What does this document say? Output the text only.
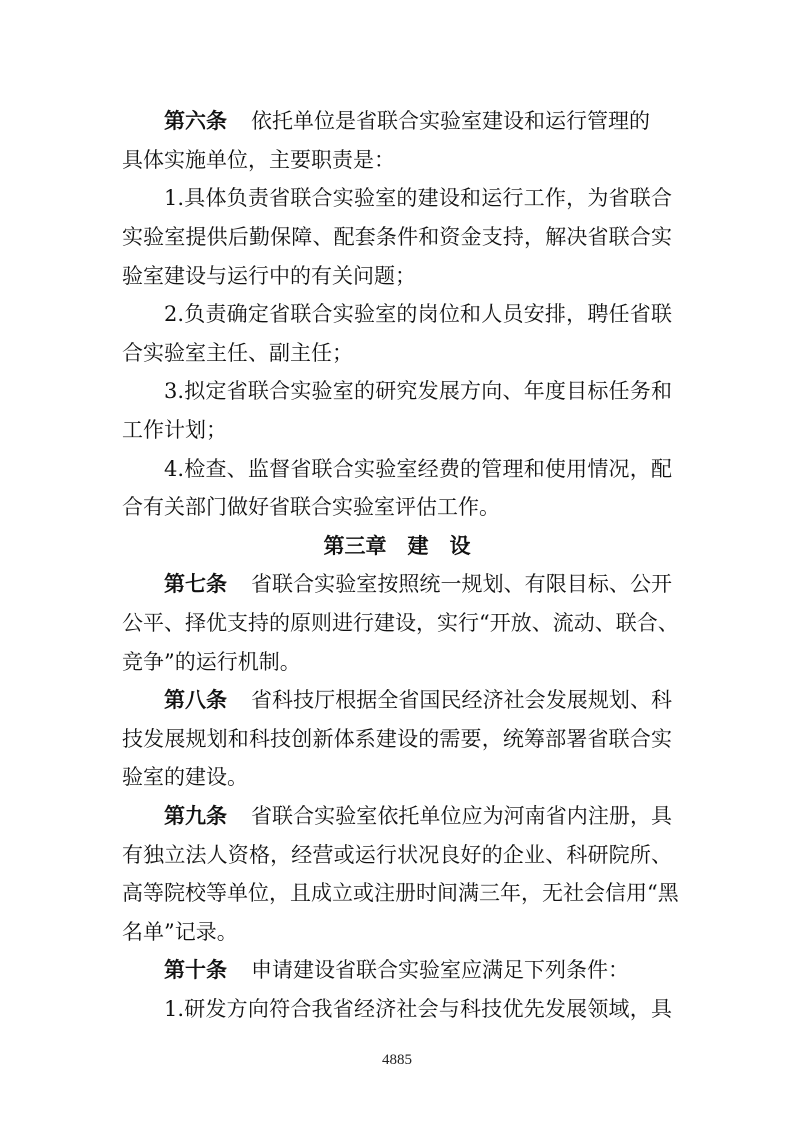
第六条 依托单位是省联合实验室建设和运行管理的
具体实施单位，主要职责是：
1.具体负责省联合实验室的建设和运行工作，为省联合
实验室提供后勤保障、配套条件和资金支持，解决省联合实
验室建设与运行中的有关问题；
2.负责确定省联合实验室的岗位和人员安排，聘任省联
合实验室主任、副主任；
3.拟定省联合实验室的研究发展方向、年度目标任务和
工作计划；
4.检查、监督省联合实验室经费的管理和使用情况，配
合有关部门做好省联合实验室评估工作。
第三章　建　设
第七条 省联合实验室按照统一规划、有限目标、公开
公平、择优支持的原则进行建设，实行“开放、流动、联合、
竞争”的运行机制。
第八条 省科技厅根据全省国民经济社会发展规划、科
技发展规划和科技创新体系建设的需要，统筹部署省联合实
验室的建设。
第九条 省联合实验室依托单位应为河南省内注册，具
有独立法人资格，经营或运行状况良好的企业、科研院所、
高等院校等单位，且成立或注册时间满三年，无社会信用“黑
名单”记录。
第十条 申请建设省联合实验室应满足下列条件：
1.研发方向符合我省经济社会与科技优先发展领域，具
4885
